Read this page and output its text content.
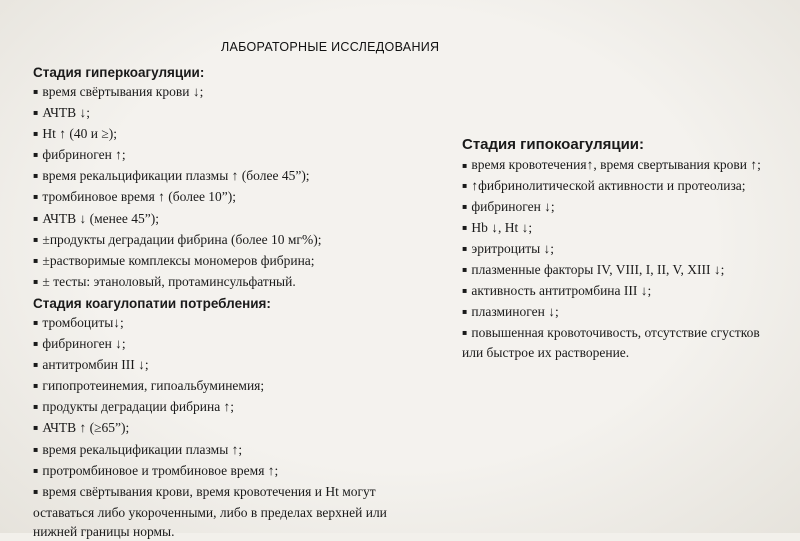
ЛАБОРАТОРНЫЕ ИССЛЕДОВАНИЯ
Стадия гиперкоагуляции:
▪ время свёртывания крови ↓;
▪ АЧТВ ↓;
▪ Ht ↑ (40 и ≥);
▪ фибриноген ↑;
▪ время рекальцификации плазмы ↑ (более 45”);
▪ тромбиновое время ↑ (более 10”);
▪ АЧТВ ↓ (менее 45”);
▪ ±продукты деградации фибрина (более 10 мг%);
▪ ±растворимые комплексы мономеров фибрина;
▪ ± тесты: этаноловый, протаминсульфатный.
Стадия коагулопатии потребления:
▪ тромбоциты↓;
▪ фибриноген ↓;
▪ антитромбин III ↓;
▪ гипопротеинемия, гипоальбуминемия;
▪ продукты деградации фибрина ↑;
▪ АЧТВ ↑ (≥65”);
▪ время рекальцификации плазмы ↑;
▪ протромбиновое и тромбиновое время ↑;
▪ время свёртывания крови, время кровотечения и Ht могут
оставаться либо укороченными, либо в пределах верхней или
нижней границы нормы.
Стадия гипокоагуляции:
▪ время кровотечения↑, время свертывания крови ↑;
▪ ↑фибринолитической активности и протеолиза;
▪ фибриноген ↓;
▪ Hb ↓, Ht ↓;
▪ эритроциты ↓;
▪ плазменные факторы IV, VIII, I, II, V, XIII ↓;
▪ активность антитромбина III ↓;
▪ плазминоген ↓;
▪ повышенная кровоточивость, отсутствие сгустков или быстрое их растворение.
